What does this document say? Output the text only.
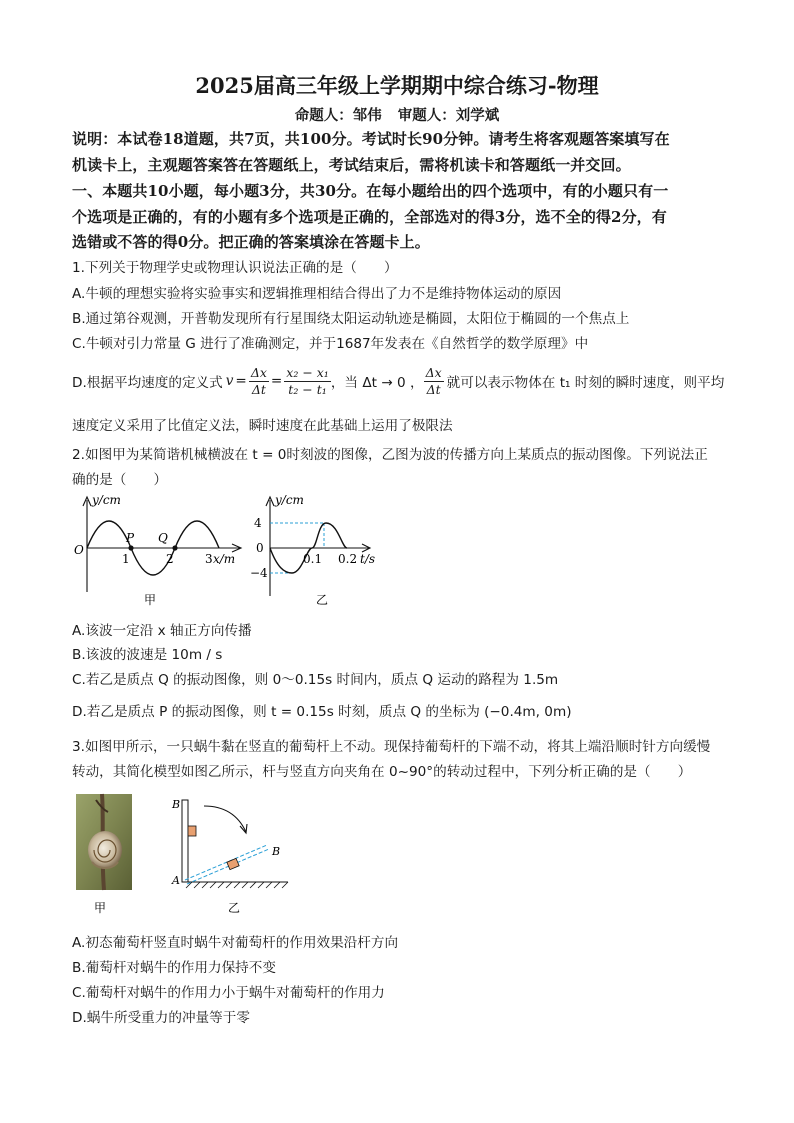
2025届高三年级上学期期中综合练习-物理
命题人：邹伟 审题人：刘学斌
说明：本试卷18道题，共7页，共100分。考试时长90分钟。请考生将客观题答案填写在
机读卡上，主观题答案答在答题纸上，考试结束后，需将机读卡和答题纸一并交回。
一、本题共10小题，每小题3分，共30分。在每小题给出的四个选项中，有的小题只有一
个选项是正确的，有的小题有多个选项是正确的，全部选对的得3分，选不全的得2分，有
选错或不答的得0分。把正确的答案填涂在答题卡上。
1.下列关于物理学史或物理认识说法正确的是（　　）
A.牛顿的理想实验将实验事实和逻辑推理相结合得出了力不是维持物体运动的原因
B.通过第谷观测，开普勒发现所有行星围绕太阳运动轨迹是椭圆，太阳位于椭圆的一个焦点上
C.牛顿对引力常量 G 进行了准确测定，并于1687年发表在《自然哲学的数学原理》中
D.根据平均速度的定义式 $v = \frac{\Delta x}{\Delta t} = \frac{\text{x₂ − x₁}}{\text{t₂ − t₁}}$ ，当 Δt → 0 ， $\frac{\Delta x}{\Delta t}$ 就可以表示物体在 t₁ 时刻的瞬时速度，则平均
速度定义采用了比值定义法，瞬时速度在此基础上运用了极限法
2.如图甲为某简谐机械横波在 t = 0时刻波的图像，乙图为波的传播方向上某质点的振动图像。下列说法正
确的是（　　）
y/cm
O
P Q
1	2	3 x/m
甲
y/cm
4
0
−4
0.1 0.2 t/s
乙
A.该波一定沿 x 轴正方向传播
B.该波的波速是 10m / s
C.若乙是质点 Q 的振动图像，则 0～0.15s 时间内，质点 Q 运动的路程为 1.5m
D.若乙是质点 P 的振动图像，则 t = 0.15s 时刻，质点 Q 的坐标为 (−0.4m, 0m)
3.如图甲所示，一只蜗牛黏在竖直的葡萄杆上不动。现保持葡萄杆的下端不动，将其上端沿顺时针方向缓慢
转动，其简化模型如图乙所示，杆与竖直方向夹角在 0~90°的转动过程中，下列分析正确的是（　　）
甲
B
A
B
乙
A.初态葡萄杆竖直时蜗牛对葡萄杆的作用效果沿杆方向
B.葡萄杆对蜗牛的作用力保持不变
C.葡萄杆对蜗牛的作用力小于蜗牛对葡萄杆的作用力
D.蜗牛所受重力的冲量等于零
